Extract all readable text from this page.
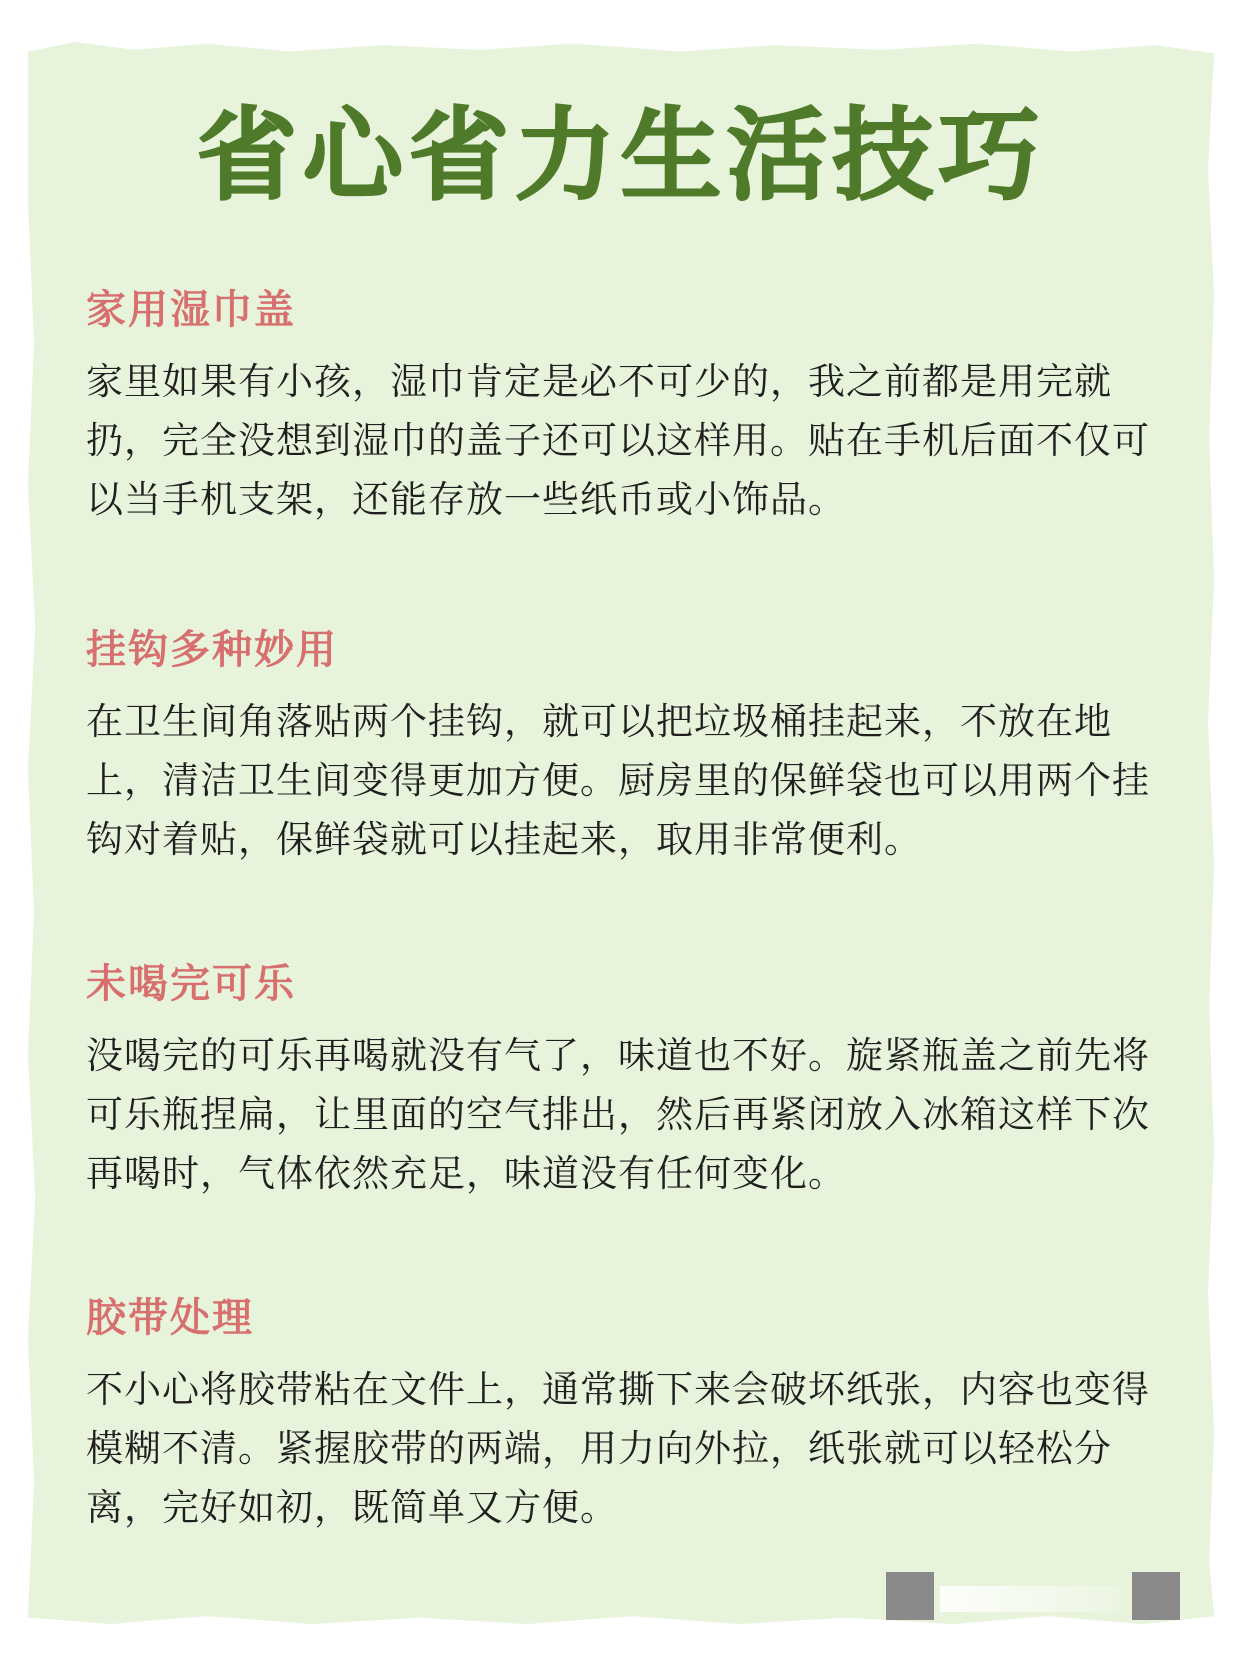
省心省力生活技巧
家用湿巾盖

家里如果有小孩，湿巾肯定是必不可少的，我之前都是用完就扔，完全没想到湿巾的盖子还可以这样用。贴在手机后面不仅可以当手机支架，还能存放一些纸币或小饰品。

挂钩多种妙用

在卫生间角落贴两个挂钩，就可以把垃圾桶挂起来，不放在地上，清洁卫生间变得更加方便。厨房里的保鲜袋也可以用两个挂钩对着贴，保鲜袋就可以挂起来，取用非常便利。

未喝完可乐

没喝完的可乐再喝就没有气了，味道也不好。旋紧瓶盖之前先将可乐瓶捏扁，让里面的空气排出，然后再紧闭放入冰箱这样下次再喝时，气体依然充足，味道没有任何变化。

胶带处理

不小心将胶带粘在文件上，通常撕下来会破坏纸张，内容也变得模糊不清。紧握胶带的两端，用力向外拉，纸张就可以轻松分离，完好如初，既简单又方便。
